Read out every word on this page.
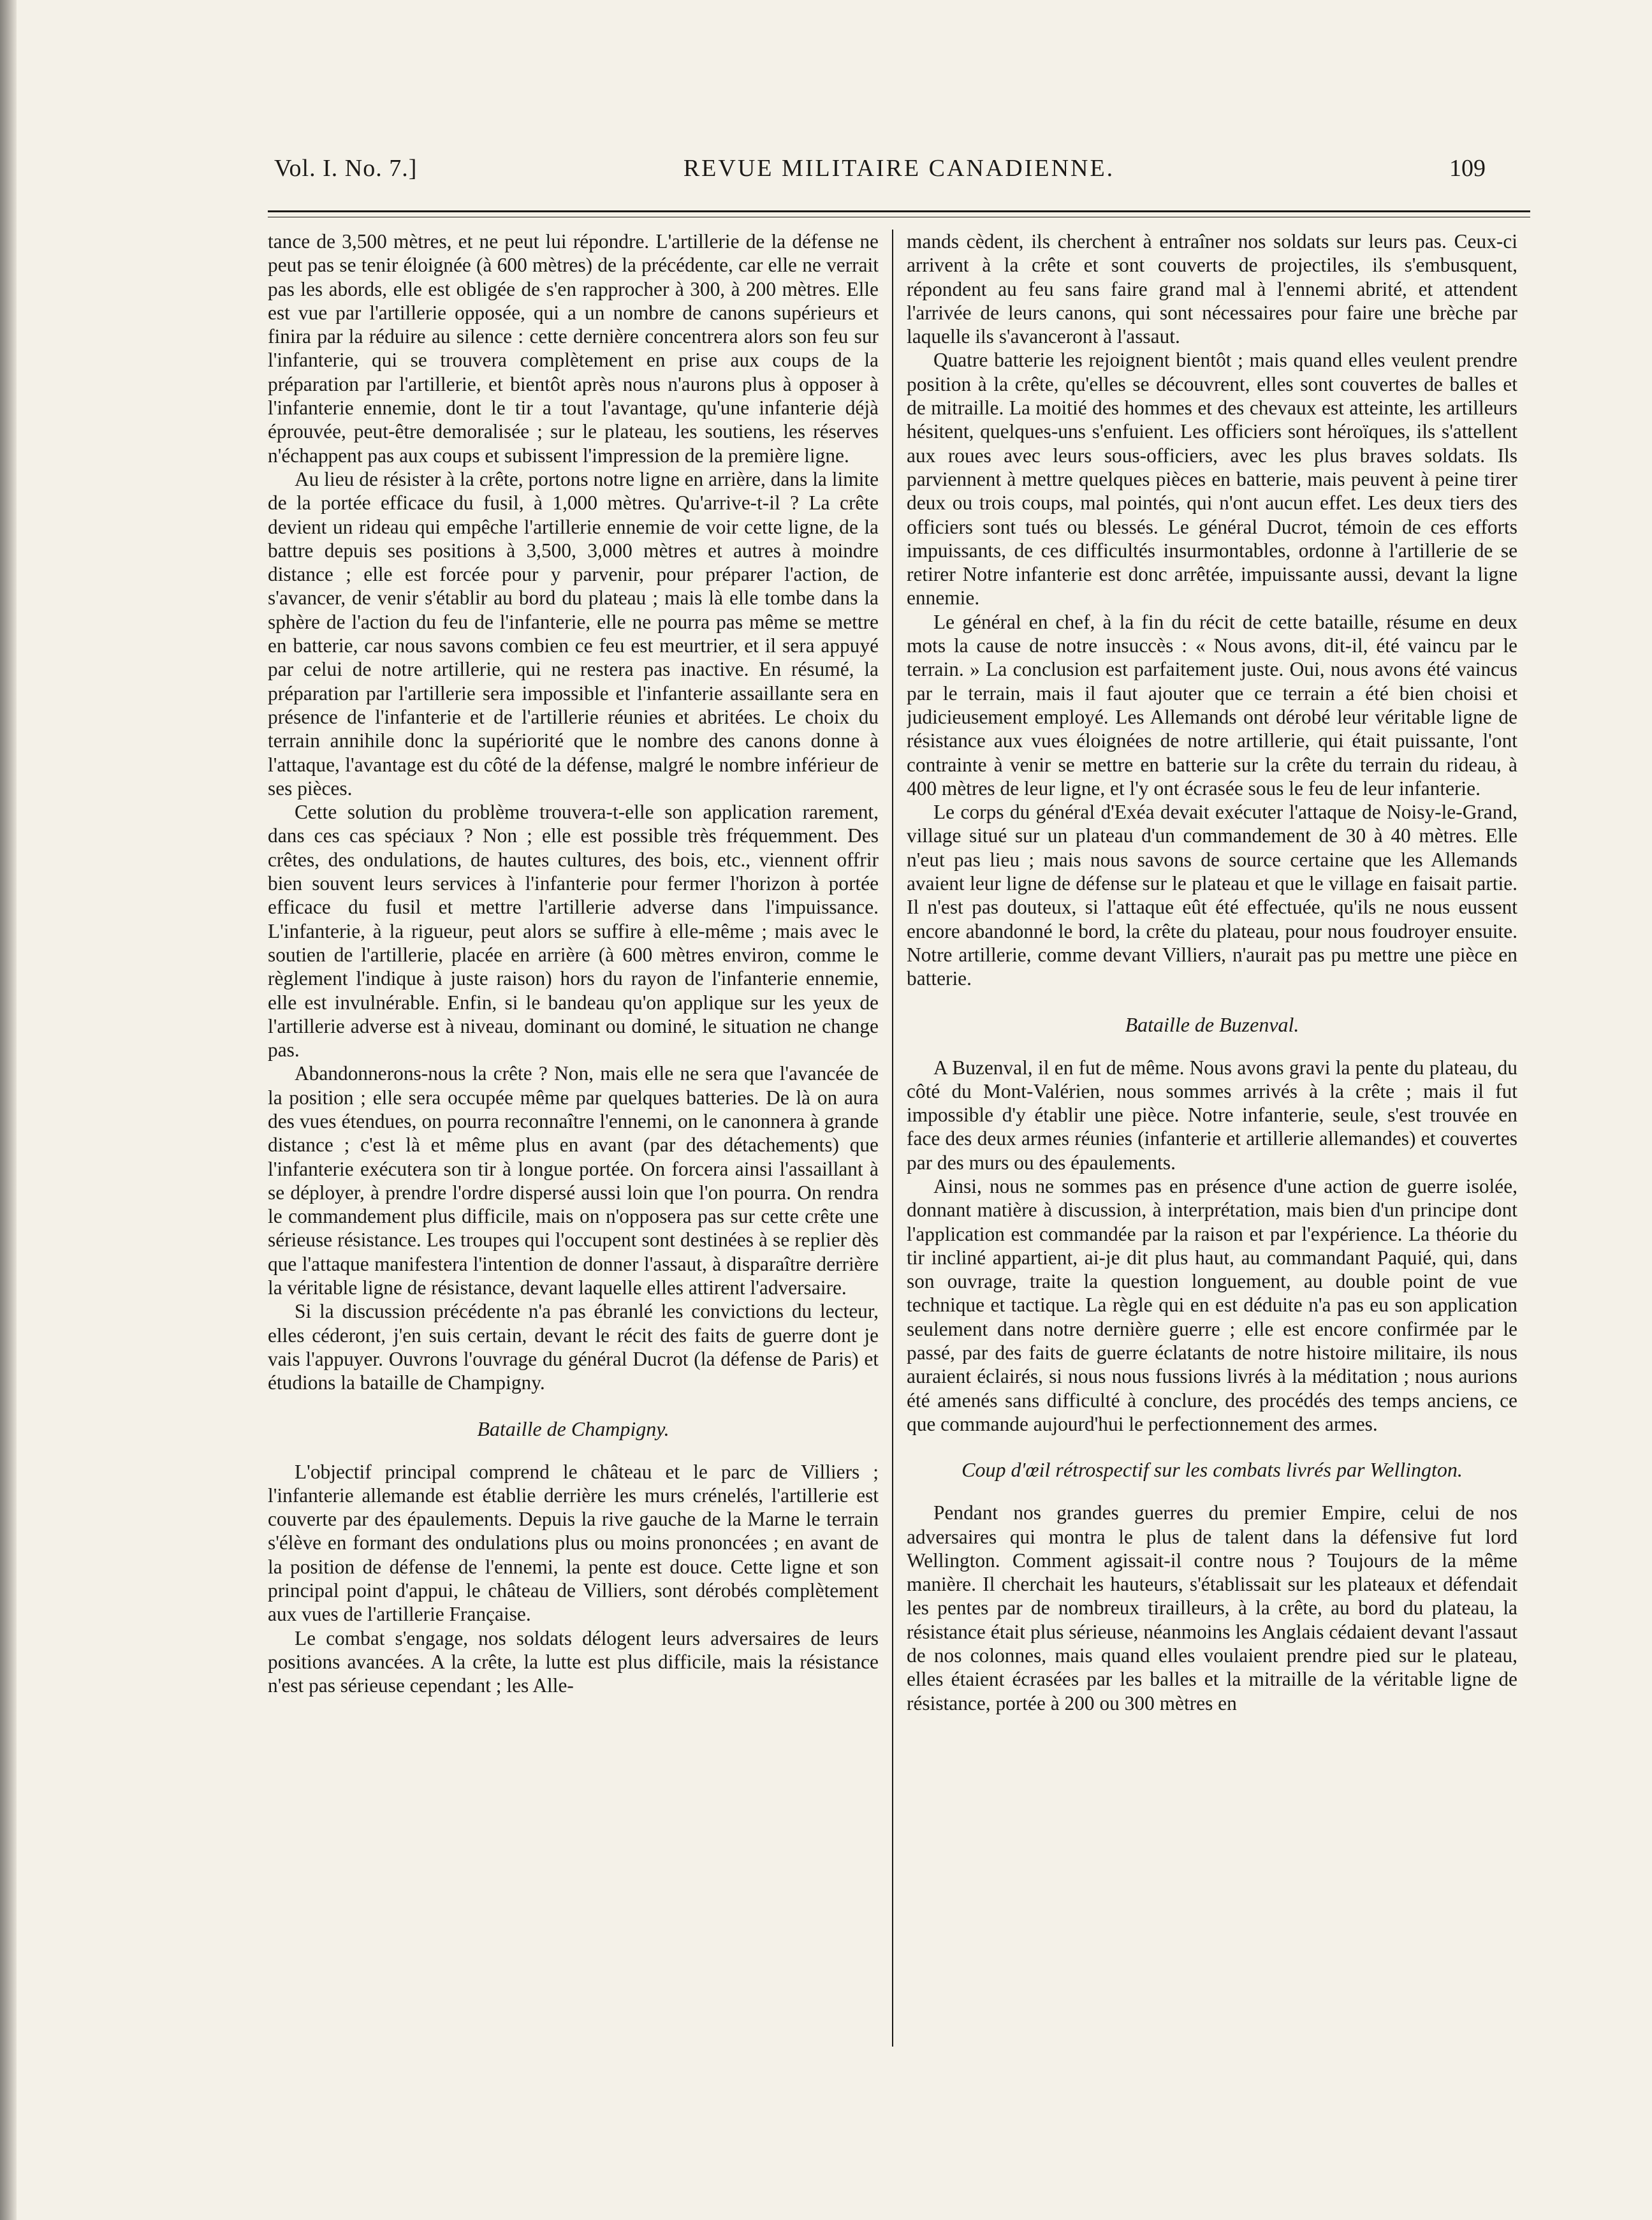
Vol. I. No. 7.]	REVUE MILITAIRE CANADIENNE.	109

tance de 3,500 mètres, et ne peut lui répondre. L'artillerie de la défense ne peut pas se tenir éloignée (à 600 mètres) de la précédente, car elle ne verrait pas les abords, elle est obligée de s'en rapprocher à 300, à 200 mètres. Elle est vue par l'artillerie opposée, qui a un nombre de canons supérieurs et finira par la réduire au silence : cette dernière concentrera alors son feu sur l'infanterie, qui se trouvera complètement en prise aux coups de la préparation par l'artillerie, et bientôt après nous n'aurons plus à opposer à l'infanterie ennemie, dont le tir a tout l'avantage, qu'une infanterie déjà éprouvée, peut-être demoralisée ; sur le plateau, les soutiens, les réserves n'échappent pas aux coups et subissent l'impression de la première ligne.

Au lieu de résister à la crête, portons notre ligne en arrière, dans la limite de la portée efficace du fusil, à 1,000 mètres. Qu'arrive-t-il ? La crête devient un rideau qui empêche l'artillerie ennemie de voir cette ligne, de la battre depuis ses positions à 3,500, 3,000 mètres et autres à moindre distance ; elle est forcée pour y parvenir, pour préparer l'action, de s'avancer, de venir s'établir au bord du plateau ; mais là elle tombe dans la sphère de l'action du feu de l'infanterie, elle ne pourra pas même se mettre en batterie, car nous savons combien ce feu est meurtrier, et il sera appuyé par celui de notre artillerie, qui ne restera pas inactive. En résumé, la préparation par l'artillerie sera impossible et l'infanterie assaillante sera en présence de l'infanterie et de l'artillerie réunies et abritées. Le choix du terrain annihile donc la supériorité que le nombre des canons donne à l'attaque, l'avantage est du côté de la défense, malgré le nombre inférieur de ses pièces.

Cette solution du problème trouvera-t-elle son application rarement, dans ces cas spéciaux ? Non ; elle est possible très fréquemment. Des crêtes, des ondulations, de hautes cultures, des bois, etc., viennent offrir bien souvent leurs services à l'infanterie pour fermer l'horizon à portée efficace du fusil et mettre l'artillerie adverse dans l'impuissance. L'infanterie, à la rigueur, peut alors se suffire à elle-même ; mais avec le soutien de l'artillerie, placée en arrière (à 600 mètres environ, comme le règlement l'indique à juste raison) hors du rayon de l'infanterie ennemie, elle est invulnérable. Enfin, si le bandeau qu'on applique sur les yeux de l'artillerie adverse est à niveau, dominant ou dominé, le situation ne change pas.

Abandonnerons-nous la crête ? Non, mais elle ne sera que l'avancée de la position ; elle sera occupée même par quelques batteries. De là on aura des vues étendues, on pourra reconnaître l'ennemi, on le canonnera à grande distance ; c'est là et même plus en avant (par des détachements) que l'infanterie exécutera son tir à longue portée. On forcera ainsi l'assaillant à se déployer, à prendre l'ordre dispersé aussi loin que l'on pourra. On rendra le commandement plus difficile, mais on n'opposera pas sur cette crête une sérieuse résistance. Les troupes qui l'occupent sont destinées à se replier dès que l'attaque manifestera l'intention de donner l'assaut, à disparaître derrière la véritable ligne de résistance, devant laquelle elles attirent l'adversaire.

Si la discussion précédente n'a pas ébranlé les convictions du lecteur, elles céderont, j'en suis certain, devant le récit des faits de guerre dont je vais l'appuyer. Ouvrons l'ouvrage du général Ducrot (la défense de Paris) et étudions la bataille de Champigny.

Bataille de Champigny.

L'objectif principal comprend le château et le parc de Villiers ; l'infanterie allemande est établie derrière les murs crénelés, l'artillerie est couverte par des épaulements. Depuis la rive gauche de la Marne le terrain s'élève en formant des ondulations plus ou moins prononcées ; en avant de la position de défense de l'ennemi, la pente est douce. Cette ligne et son principal point d'appui, le château de Villiers, sont dérobés complètement aux vues de l'artillerie Française.

Le combat s'engage, nos soldats délogent leurs adversaires de leurs positions avancées. A la crête, la lutte est plus difficile, mais la résistance n'est pas sérieuse cependant ; les Alle-

mands cèdent, ils cherchent à entraîner nos soldats sur leurs pas. Ceux-ci arrivent à la crête et sont couverts de projectiles, ils s'embusquent, répondent au feu sans faire grand mal à l'ennemi abrité, et attendent l'arrivée de leurs canons, qui sont nécessaires pour faire une brèche par laquelle ils s'avanceront à l'assaut.

Quatre batterie les rejoignent bientôt ; mais quand elles veulent prendre position à la crête, qu'elles se découvrent, elles sont couvertes de balles et de mitraille. La moitié des hommes et des chevaux est atteinte, les artilleurs hésitent, quelques-uns s'enfuient. Les officiers sont héroïques, ils s'attellent aux roues avec leurs sous-officiers, avec les plus braves soldats. Ils parviennent à mettre quelques pièces en batterie, mais peuvent à peine tirer deux ou trois coups, mal pointés, qui n'ont aucun effet. Les deux tiers des officiers sont tués ou blessés. Le général Ducrot, témoin de ces efforts impuissants, de ces difficultés insurmontables, ordonne à l'artillerie de se retirer Notre infanterie est donc arrêtée, impuissante aussi, devant la ligne ennemie.

Le général en chef, à la fin du récit de cette bataille, résume en deux mots la cause de notre insuccès : « Nous avons, dit-il, été vaincu par le terrain. » La conclusion est parfaitement juste. Oui, nous avons été vaincus par le terrain, mais il faut ajouter que ce terrain a été bien choisi et judicieusement employé. Les Allemands ont dérobé leur véritable ligne de résistance aux vues éloignées de notre artillerie, qui était puissante, l'ont contrainte à venir se mettre en batterie sur la crête du terrain du rideau, à 400 mètres de leur ligne, et l'y ont écrasée sous le feu de leur infanterie.

Le corps du général d'Exéa devait exécuter l'attaque de Noisy-le-Grand, village situé sur un plateau d'un commandement de 30 à 40 mètres. Elle n'eut pas lieu ; mais nous savons de source certaine que les Allemands avaient leur ligne de défense sur le plateau et que le village en faisait partie. Il n'est pas douteux, si l'attaque eût été effectuée, qu'ils ne nous eussent encore abandonné le bord, la crête du plateau, pour nous foudroyer ensuite. Notre artillerie, comme devant Villiers, n'aurait pas pu mettre une pièce en batterie.

Bataille de Buzenval.

A Buzenval, il en fut de même. Nous avons gravi la pente du plateau, du côté du Mont-Valérien, nous sommes arrivés à la crête ; mais il fut impossible d'y établir une pièce. Notre infanterie, seule, s'est trouvée en face des deux armes réunies (infanterie et artillerie allemandes) et couvertes par des murs ou des épaulements.

Ainsi, nous ne sommes pas en présence d'une action de guerre isolée, donnant matière à discussion, à interprétation, mais bien d'un principe dont l'application est commandée par la raison et par l'expérience. La théorie du tir incliné appartient, ai-je dit plus haut, au commandant Paquié, qui, dans son ouvrage, traite la question longuement, au double point de vue technique et tactique. La règle qui en est déduite n'a pas eu son application seulement dans notre dernière guerre ; elle est encore confirmée par le passé, par des faits de guerre éclatants de notre histoire militaire, ils nous auraient éclairés, si nous nous fussions livrés à la méditation ; nous aurions été amenés sans difficulté à conclure, des procédés des temps anciens, ce que commande aujourd'hui le perfectionnement des armes.

Coup d'œil rétrospectif sur les combats livrés par Wellington.

Pendant nos grandes guerres du premier Empire, celui de nos adversaires qui montra le plus de talent dans la défensive fut lord Wellington. Comment agissait-il contre nous ? Toujours de la même manière. Il cherchait les hauteurs, s'établissait sur les plateaux et défendait les pentes par de nombreux tirailleurs, à la crête, au bord du plateau, la résistance était plus sérieuse, néanmoins les Anglais cédaient devant l'assaut de nos colonnes, mais quand elles voulaient prendre pied sur le plateau, elles étaient écrasées par les balles et la mitraille de la véritable ligne de résistance, portée à 200 ou 300 mètres en
